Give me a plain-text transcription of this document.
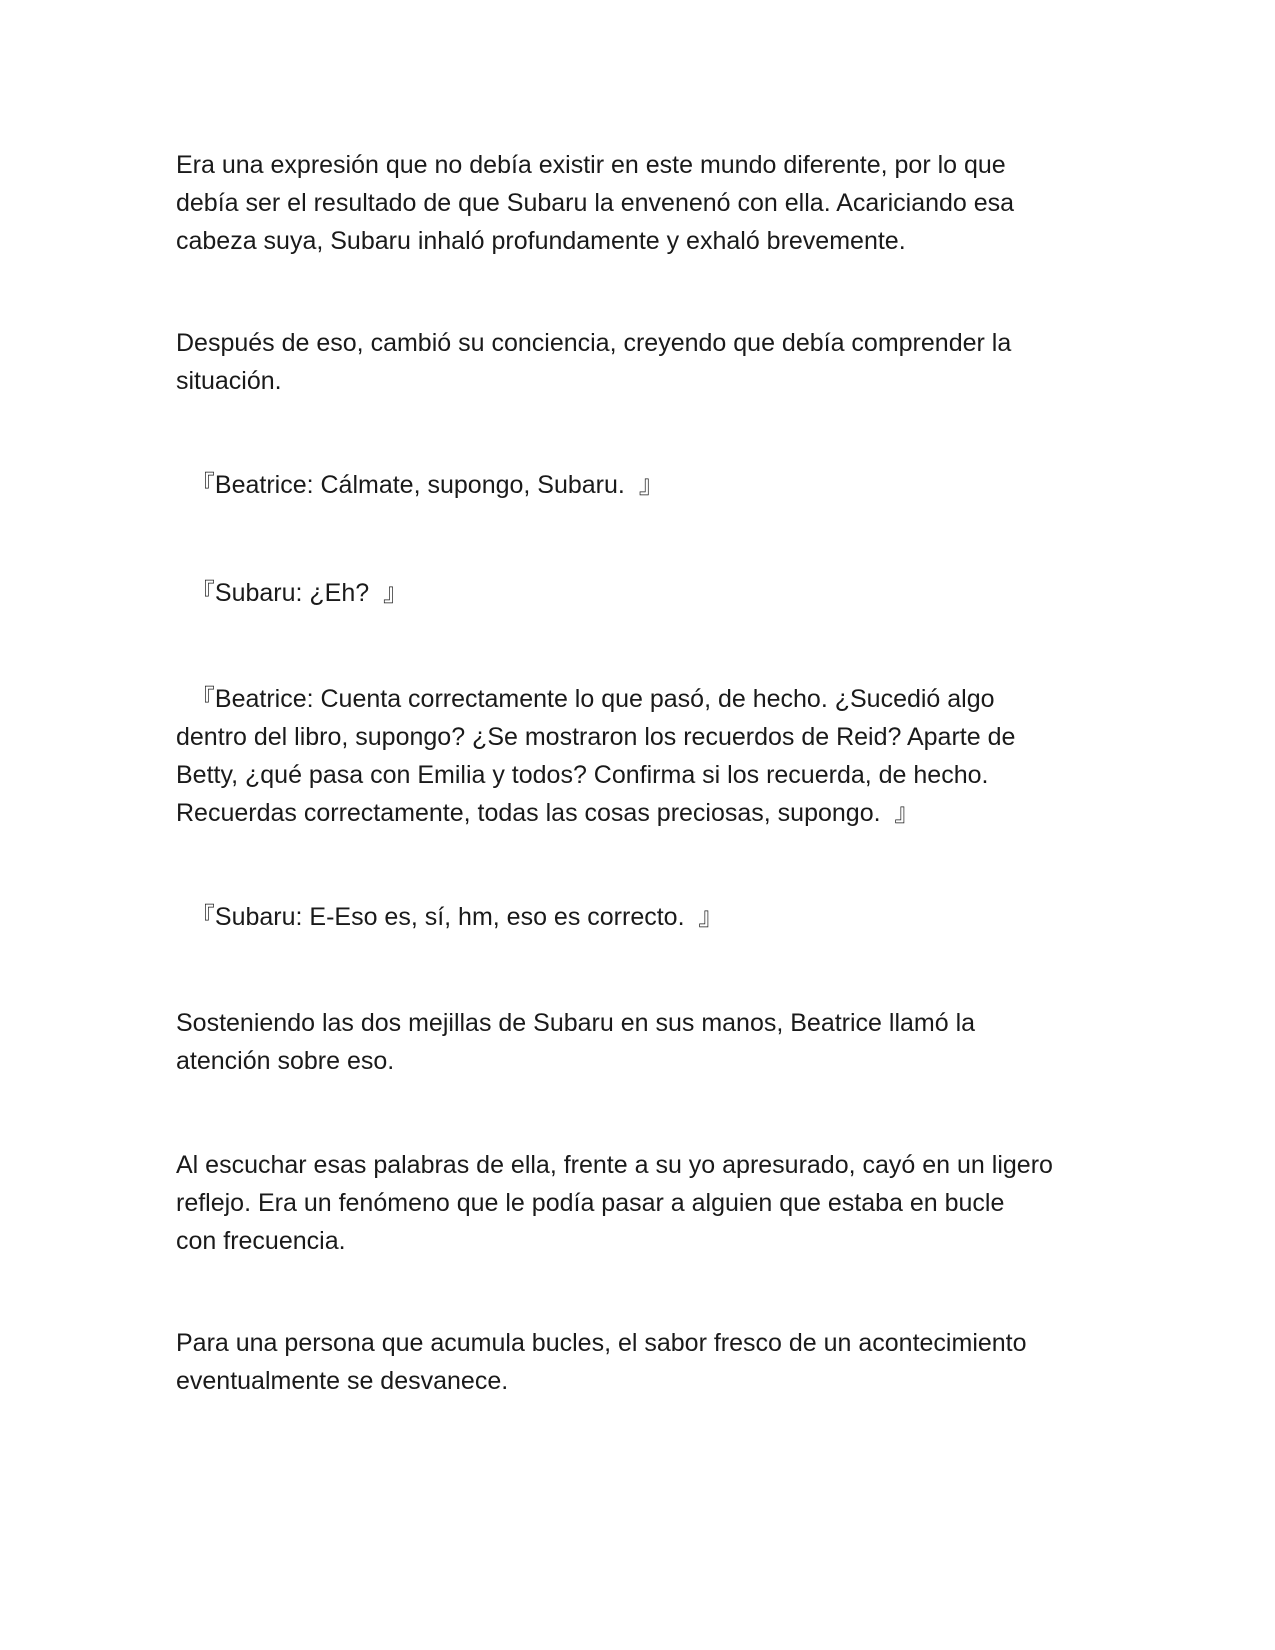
Era una expresión que no debía existir en este mundo diferente, por lo que
debía ser el resultado de que Subaru la envenenó con ella. Acariciando esa
cabeza suya, Subaru inhaló profundamente y exhaló brevemente.

Después de eso, cambió su conciencia, creyendo que debía comprender la
situación.

『Beatrice: Cálmate, supongo, Subaru.  』

『Subaru: ¿Eh?  』

『Beatrice: Cuenta correctamente lo que pasó, de hecho. ¿Sucedió algo
dentro del libro, supongo? ¿Se mostraron los recuerdos de Reid? Aparte de
Betty, ¿qué pasa con Emilia y todos? Confirma si los recuerda, de hecho.
Recuerdas correctamente, todas las cosas preciosas, supongo.  』

『Subaru: E-Eso es, sí, hm, eso es correcto.  』

Sosteniendo las dos mejillas de Subaru en sus manos, Beatrice llamó la
atención sobre eso.

Al escuchar esas palabras de ella, frente a su yo apresurado, cayó en un ligero
reflejo. Era un fenómeno que le podía pasar a alguien que estaba en bucle
con frecuencia.

Para una persona que acumula bucles, el sabor fresco de un acontecimiento
eventualmente se desvanece.
